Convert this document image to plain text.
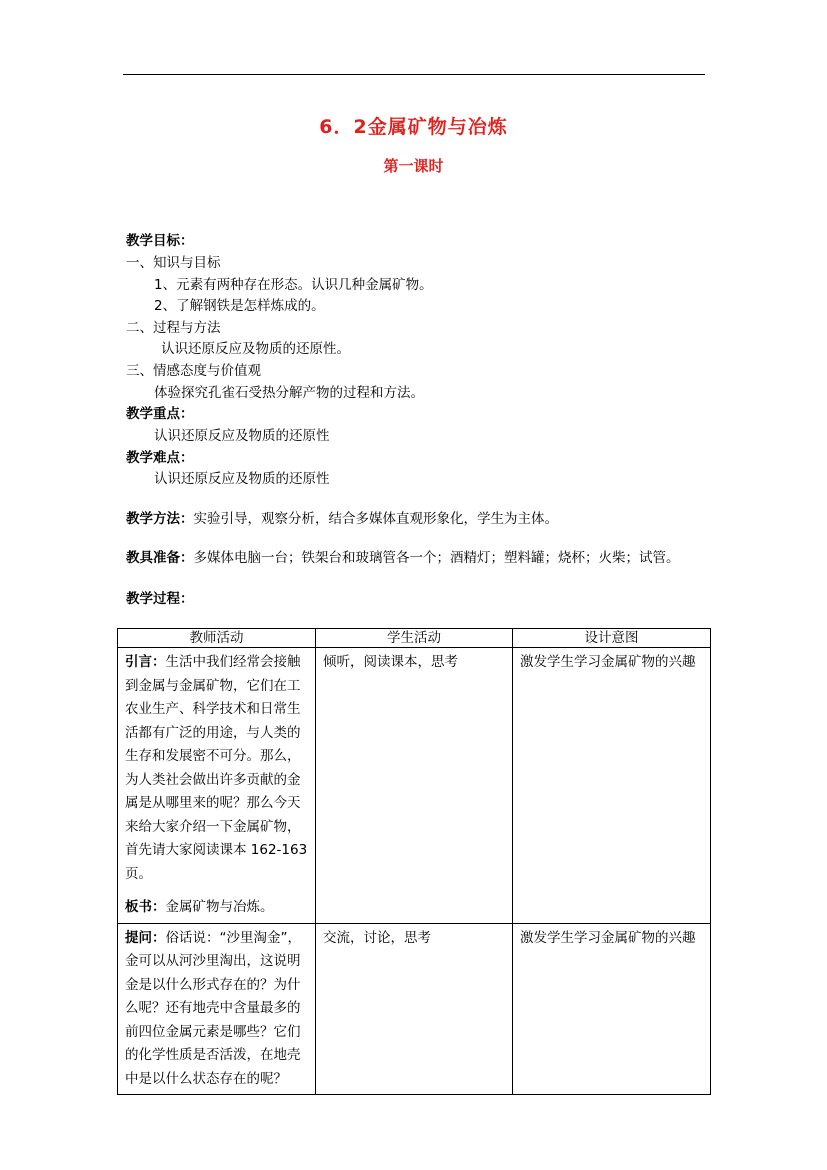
6．2金属矿物与冶炼
第一课时
教学目标：
一、知识与目标
1、元素有两种存在形态。认识几种金属矿物。
2、了解钢铁是怎样炼成的。
二、过程与方法
认识还原反应及物质的还原性。
三、情感态度与价值观
体验探究孔雀石受热分解产物的过程和方法。
教学重点：
认识还原反应及物质的还原性
教学难点：
认识还原反应及物质的还原性
教学方法：实验引导，观察分析，结合多媒体直观形象化，学生为主体。
教具准备：多媒体电脑一台；铁架台和玻璃管各一个；酒精灯；塑料罐；烧杯；火柴；试管。
教学过程：
教师活动	学生活动	设计意图
引言：生活中我们经常会接触到金属与金属矿物，它们在工农业生产、科学技术和日常生活都有广泛的用途，与人类的生存和发展密不可分。那么，为人类社会做出许多贡献的金属是从哪里来的呢？那么今天来给大家介绍一下金属矿物，首先请大家阅读课本 162-163 页。
板书：金属矿物与冶炼。	倾听，阅读课本，思考	激发学生学习金属矿物的兴趣
提问：俗话说：“沙里淘金”，金可以从河沙里淘出，这说明金是以什么形式存在的？为什么呢？还有地壳中含量最多的前四位金属元素是哪些？它们的化学性质是否活泼，在地壳中是以什么状态存在的呢？	交流，讨论，思考	激发学生学习金属矿物的兴趣
